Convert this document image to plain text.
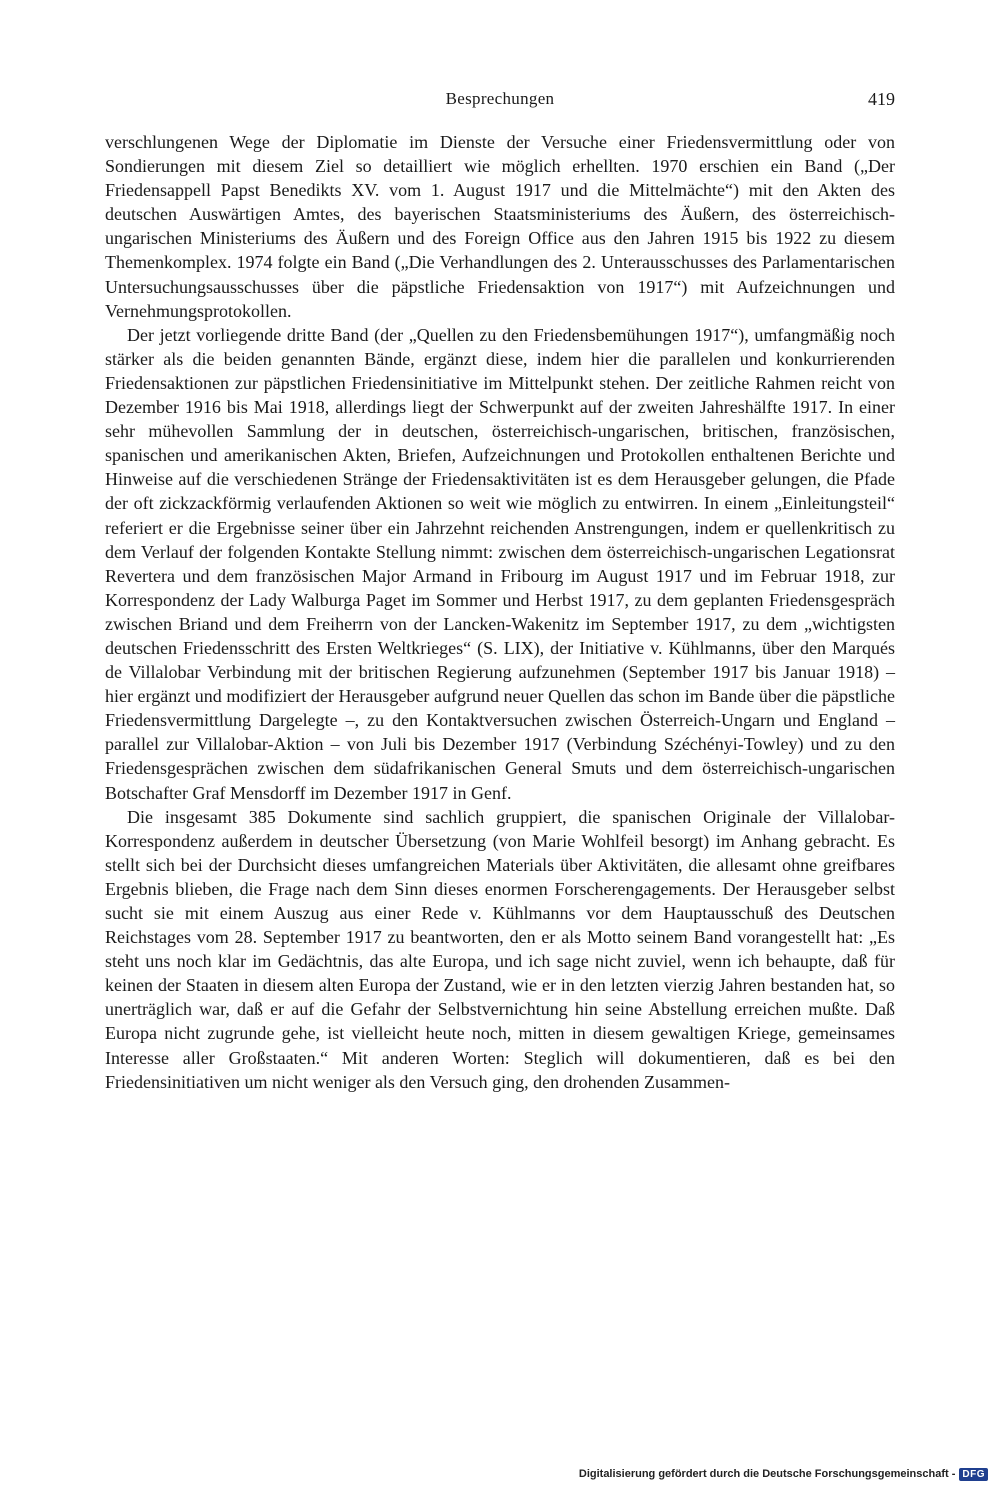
Besprechungen	419

verschlungenen Wege der Diplomatie im Dienste der Versuche einer Friedensvermittlung oder von Sondierungen mit diesem Ziel so detailliert wie möglich erhellten. 1970 erschien ein Band („Der Friedensappell Papst Benedikts XV. vom 1. August 1917 und die Mittelmächte“) mit den Akten des deutschen Auswärtigen Amtes, des bayerischen Staatsministeriums des Äußern, des österreichisch-ungarischen Ministeriums des Äußern und des Foreign Office aus den Jahren 1915 bis 1922 zu diesem Themenkomplex. 1974 folgte ein Band („Die Verhandlungen des 2. Unterausschusses des Parlamentarischen Untersuchungsausschusses über die päpstliche Friedensaktion von 1917“) mit Aufzeichnungen und Vernehmungsprotokollen.

Der jetzt vorliegende dritte Band (der „Quellen zu den Friedensbemühungen 1917“), umfangmäßig noch stärker als die beiden genannten Bände, ergänzt diese, indem hier die parallelen und konkurrierenden Friedensaktionen zur päpstlichen Friedensinitiative im Mittelpunkt stehen. Der zeitliche Rahmen reicht von Dezember 1916 bis Mai 1918, allerdings liegt der Schwerpunkt auf der zweiten Jahreshälfte 1917. In einer sehr mühevollen Sammlung der in deutschen, österreichisch-ungarischen, britischen, französischen, spanischen und amerikanischen Akten, Briefen, Aufzeichnungen und Protokollen enthaltenen Berichte und Hinweise auf die verschiedenen Stränge der Friedensaktivitäten ist es dem Herausgeber gelungen, die Pfade der oft zickzackförmig verlaufenden Aktionen so weit wie möglich zu entwirren. In einem „Einleitungsteil“ referiert er die Ergebnisse seiner über ein Jahrzehnt reichenden Anstrengungen, indem er quellenkritisch zu dem Verlauf der folgenden Kontakte Stellung nimmt: zwischen dem österreichisch-ungarischen Legationsrat Revertera und dem französischen Major Armand in Fribourg im August 1917 und im Februar 1918, zur Korrespondenz der Lady Walburga Paget im Sommer und Herbst 1917, zu dem geplanten Friedensgespräch zwischen Briand und dem Freiherrn von der Lancken-Wakenitz im September 1917, zu dem „wichtigsten deutschen Friedensschritt des Ersten Weltkrieges“ (S. LIX), der Initiative v. Kühlmanns, über den Marqués de Villalobar Verbindung mit der britischen Regierung aufzunehmen (September 1917 bis Januar 1918) – hier ergänzt und modifiziert der Herausgeber aufgrund neuer Quellen das schon im Bande über die päpstliche Friedensvermittlung Dargelegte –, zu den Kontaktversuchen zwischen Österreich-Ungarn und England – parallel zur Villalobar-Aktion – von Juli bis Dezember 1917 (Verbindung Széchényi-Towley) und zu den Friedensgesprächen zwischen dem südafrikanischen General Smuts und dem österreichisch-ungarischen Botschafter Graf Mensdorff im Dezember 1917 in Genf.

Die insgesamt 385 Dokumente sind sachlich gruppiert, die spanischen Originale der Villalobar-Korrespondenz außerdem in deutscher Übersetzung (von Marie Wohlfeil besorgt) im Anhang gebracht. Es stellt sich bei der Durchsicht dieses umfangreichen Materials über Aktivitäten, die allesamt ohne greifbares Ergebnis blieben, die Frage nach dem Sinn dieses enormen Forscherengagements. Der Herausgeber selbst sucht sie mit einem Auszug aus einer Rede v. Kühlmanns vor dem Hauptausschuß des Deutschen Reichstages vom 28. September 1917 zu beantworten, den er als Motto seinem Band vorangestellt hat: „Es steht uns noch klar im Gedächtnis, das alte Europa, und ich sage nicht zuviel, wenn ich behaupte, daß für keinen der Staaten in diesem alten Europa der Zustand, wie er in den letzten vierzig Jahren bestanden hat, so unerträglich war, daß er auf die Gefahr der Selbstvernichtung hin seine Abstellung erreichen mußte. Daß Europa nicht zugrunde gehe, ist vielleicht heute noch, mitten in diesem gewaltigen Kriege, gemeinsames Interesse aller Großstaaten.“ Mit anderen Worten: Steglich will dokumentieren, daß es bei den Friedensinitiativen um nicht weniger als den Versuch ging, den drohenden Zusammen-

Digitalisierung gefördert durch die Deutsche Forschungsgemeinschaft - DFG
